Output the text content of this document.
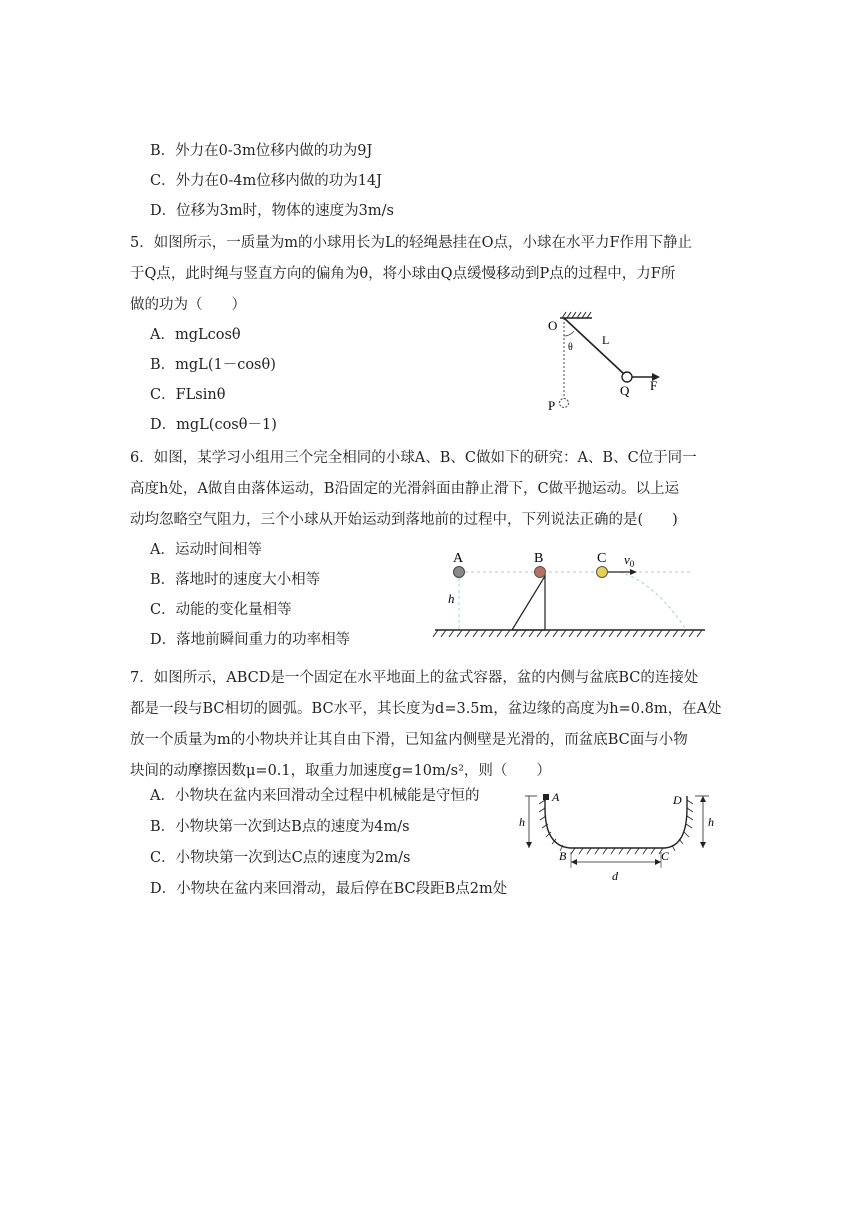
B．外力在0-3m位移内做的功为9J
C．外力在0-4m位移内做的功为14J
D．位移为3m时，物体的速度为3m/s
5．如图所示，一质量为m的小球用长为L的轻绳悬挂在O点，小球在水平力F作用下静止
于Q点，此时绳与竖直方向的偏角为θ，将小球由Q点缓慢移动到P点的过程中，力F所
做的功为（　　）
A．mgLcosθ
B．mgL(1－cosθ)
C．FLsinθ
D．mgL(cosθ－1)
O
θ
L
Q F
P
6．如图，某学习小组用三个完全相同的小球A、B、C做如下的研究：A、B、C位于同一
高度h处，A做自由落体运动，B沿固定的光滑斜面由静止滑下，C做平抛运动。以上运
动均忽略空气阻力，三个小球从开始运动到落地前的过程中，下列说法正确的是(　　)
A．运动时间相等
B．落地时的速度大小相等
C．动能的变化量相等
D．落地前瞬间重力的功率相等
A	B	C $v_0$
h
7．如图所示，ABCD是一个固定在水平地面上的盆式容器，盆的内侧与盆底BC的连接处
都是一段与BC相切的圆弧。BC水平，其长度为d=3.5m，盆边缘的高度为h=0.8m，在A处
放一个质量为m的小物块并让其自由下滑，已知盆内侧壁是光滑的，而盆底BC面与小物
块间的动摩擦因数μ=0.1，取重力加速度g=10m/s²，则（　　）
A．小物块在盆内来回滑动全过程中机械能是守恒的
B．小物块第一次到达B点的速度为4m/s
C．小物块第一次到达C点的速度为2m/s
D．小物块在盆内来回滑动，最后停在BC段距B点2m处
A
B	C
D
h	h
d
